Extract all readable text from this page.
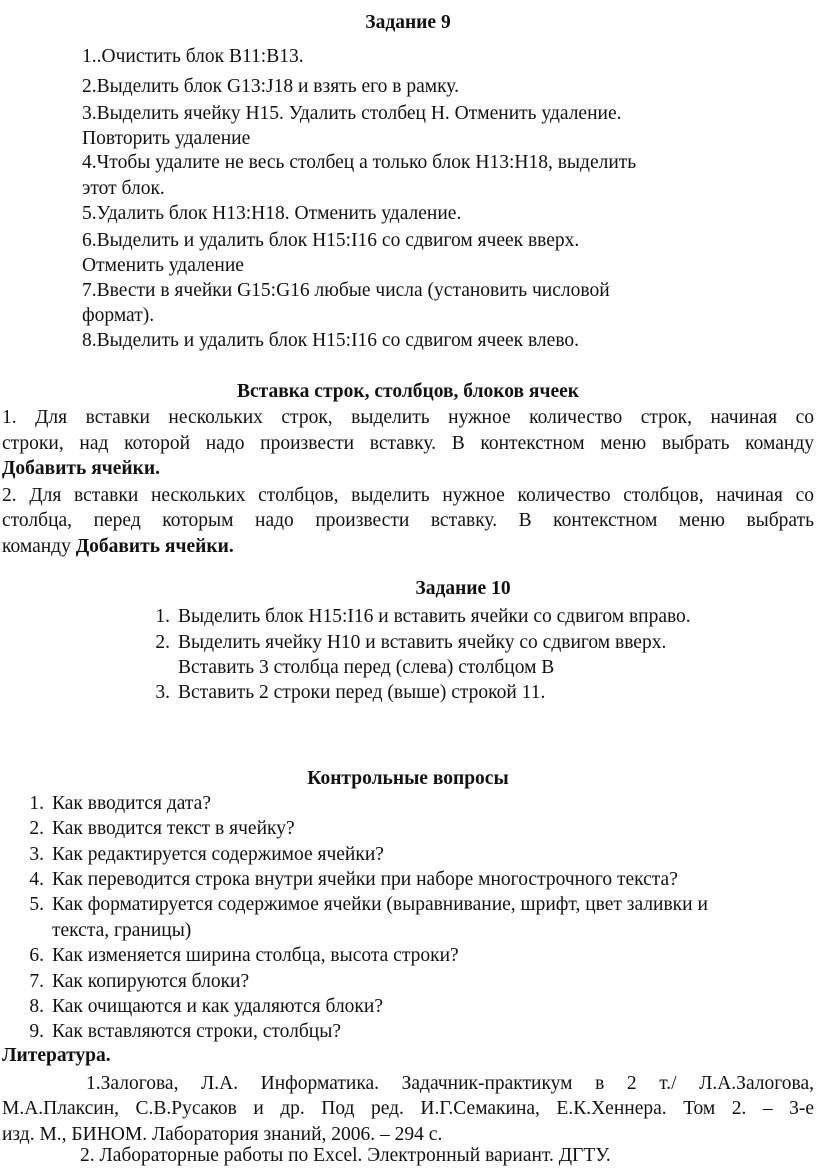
Задание 9
1..Очистить блок В11:В13.
2.Выделить блок G13:J18 и взять его в рамку.
3.Выделить ячейку Н15. Удалить столбец Н. Отменить удаление.
Повторить удаление
4.Чтобы удалите не весь столбец а только блок Н13:Н18, выделить
этот блок.
5.Удалить блок Н13:Н18. Отменить удаление.
6.Выделить и удалить блок Н15:I16 со сдвигом ячеек вверх.
Отменить удаление
7.Ввести в ячейки G15:G16 любые числа (установить числовой
формат).
8.Выделить и удалить блок Н15:I16 со сдвигом ячеек влево.
Вставка строк, столбцов, блоков ячеек
1. Для вставки нескольких строк, выделить нужное количество строк, начиная со
строки, над которой надо произвести вставку. В контекстном меню выбрать команду
Добавить ячейки.
2. Для вставки нескольких столбцов, выделить нужное количество столбцов, начиная со
столбца, перед которым надо произвести вставку. В контекстном меню выбрать
команду Добавить ячейки.
Задание 10
1. Выделить блок Н15:I16 и вставить ячейки со сдвигом вправо.
2. Выделить ячейку Н10 и вставить ячейку со сдвигом вверх.
Вставить 3 столбца перед (слева) столбцом В
3. Вставить 2 строки перед (выше) строкой 11.
Контрольные вопросы
1. Как вводится дата?
2. Как вводится текст в ячейку?
3. Как редактируется содержимое ячейки?
4. Как переводится строка внутри ячейки при наборе многострочного текста?
5. Как форматируется содержимое ячейки (выравнивание, шрифт, цвет заливки и
текста, границы)
6. Как изменяется ширина столбца, высота строки?
7. Как копируются блоки?
8. Как очищаются и как удаляются блоки?
9. Как вставляются строки, столбцы?
Литература.
1.Залогова, Л.А. Информатика. Задачник-практикум в 2 т./ Л.А.Залогова,
М.А.Плаксин, С.В.Русаков и др. Под ред. И.Г.Семакина, Е.К.Хеннера. Том 2. – 3-е
изд. М., БИНОМ. Лаборатория знаний, 2006. – 294 с.
2. Лабораторные работы по Excel. Электронный вариант. ДГТУ.
